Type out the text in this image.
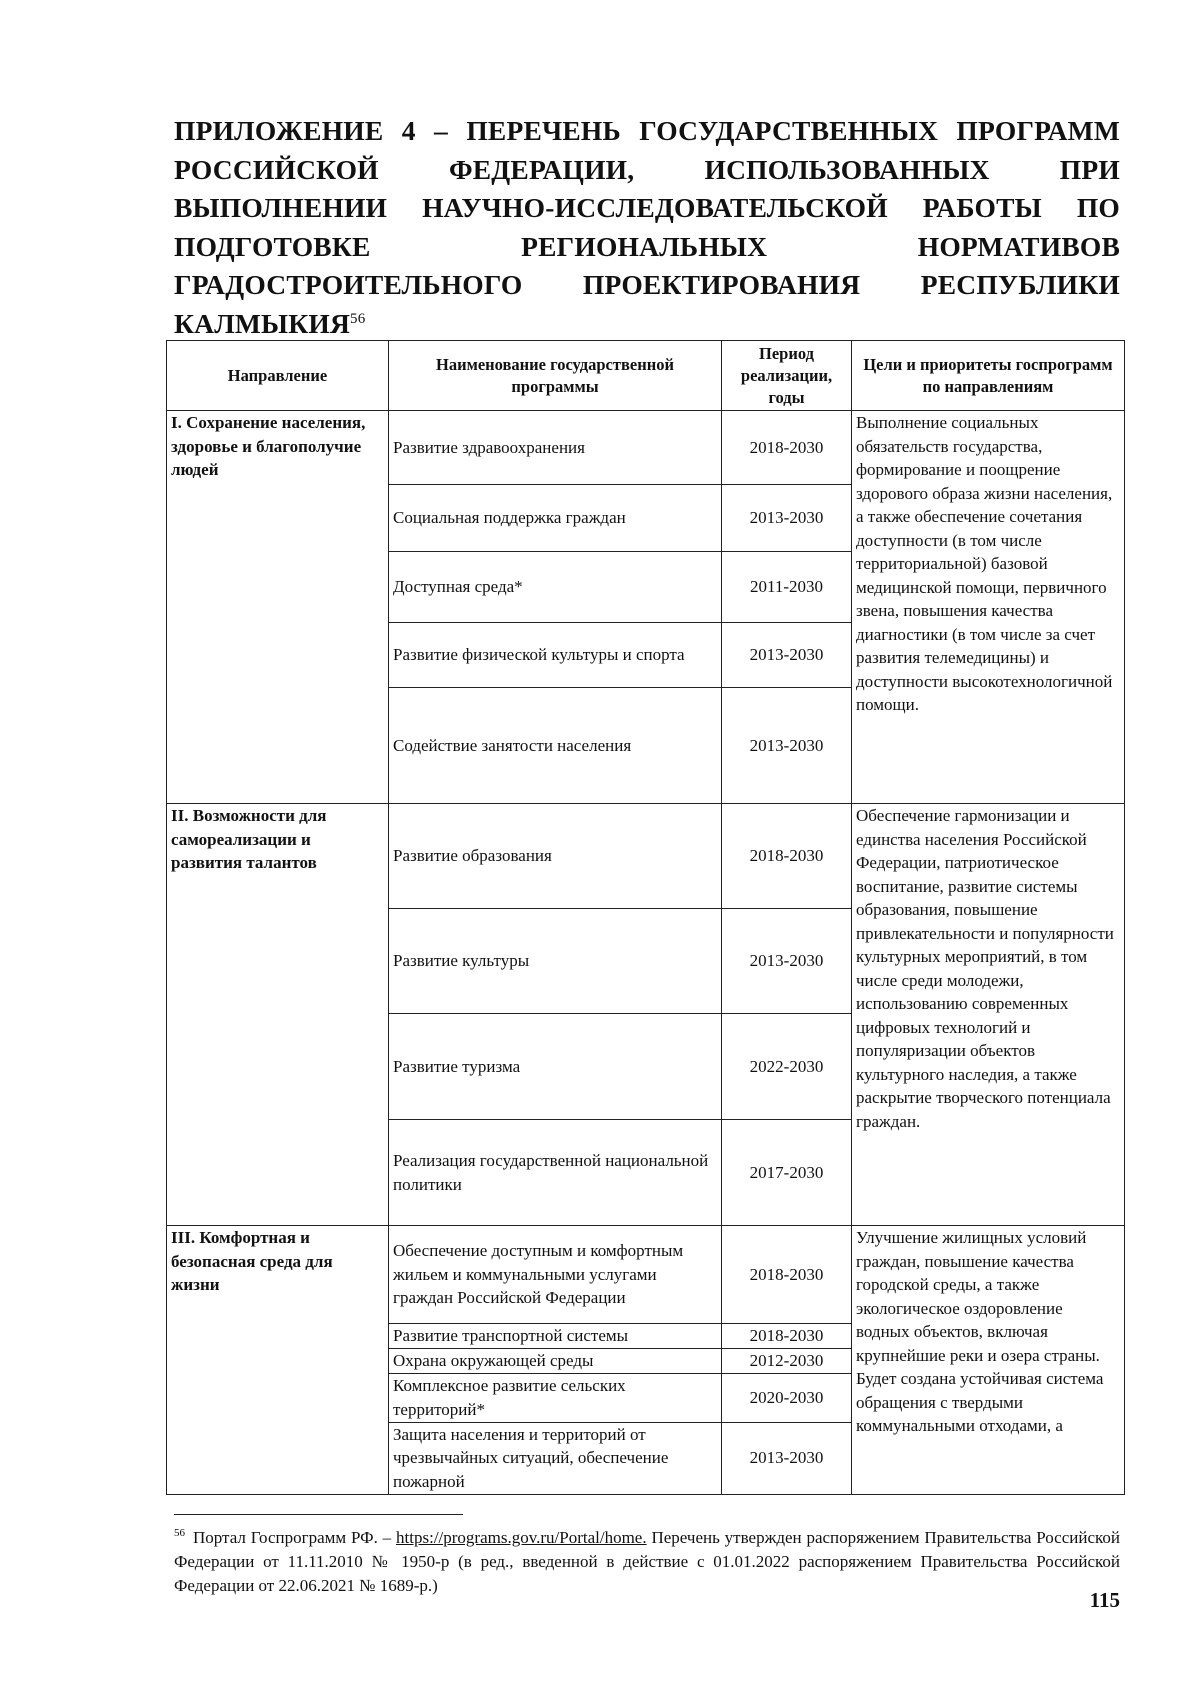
ПРИЛОЖЕНИЕ 4 – ПЕРЕЧЕНЬ ГОСУДАРСТВЕННЫХ ПРОГРАММ РОССИЙСКОЙ ФЕДЕРАЦИИ, ИСПОЛЬЗОВАННЫХ ПРИ ВЫПОЛНЕНИИ НАУЧНО-ИССЛЕДОВАТЕЛЬСКОЙ РАБОТЫ ПО ПОДГОТОВКЕ РЕГИОНАЛЬНЫХ НОРМАТИВОВ ГРАДОСТРОИТЕЛЬНОГО ПРОЕКТИРОВАНИЯ РЕСПУБЛИКИ КАЛМЫКИЯ$^{56}$
Направление	Наименование государственной программы	Период реализации, годы	Цели и приоритеты госпрограмм по направлениям
I. Сохранение населения, здоровье и благополучие людей	Развитие здравоохранения	2018-2030	Выполнение социальных обязательств государства, формирование и поощрение здорового образа жизни населения, а также обеспечение сочетания доступности (в том числе территориальной) базовой медицинской помощи, первичного звена, повышения качества диагностики (в том числе за счет развития телемедицины) и доступности высокотехнологичной помощи.
	Социальная поддержка граждан	2013-2030	
	Доступная среда*	2011-2030	
	Развитие физической культуры и спорта	2013-2030	
	Содействие занятости населения	2013-2030	
II. Возможности для самореализации и развития талантов	Развитие образования	2018-2030	Обеспечение гармонизации и единства населения Российской Федерации, патриотическое воспитание, развитие системы образования, повышение привлекательности и популярности культурных мероприятий, в том числе среди молодежи, использованию современных цифровых технологий и популяризации объектов культурного наследия, а также раскрытие творческого потенциала граждан.
	Развитие культуры	2013-2030	
	Развитие туризма	2022-2030	
	Реализация государственной национальной политики	2017-2030	
III. Комфортная и безопасная среда для жизни	Обеспечение доступным и комфортным жильем и коммунальными услугами граждан Российской Федерации	2018-2030	Улучшение жилищных условий граждан, повышение качества городской среды, а также экологическое оздоровление водных объектов, включая крупнейшие реки и озера страны. Будет создана устойчивая система обращения с твердыми коммунальными отходами, а
	Развитие транспортной системы	2018-2030	
	Охрана окружающей среды	2012-2030	
	Комплексное развитие сельских территорий*	2020-2030	
	Защита населения и территорий от чрезвычайных ситуаций, обеспечение пожарной	2013-2030	
$^{56}$ Портал Госпрограмм РФ. – https://programs.gov.ru/Portal/home. Перечень утвержден распоряжением Правительства Российской Федерации от 11.11.2010 № 1950-р (в ред., введенной в действие с 01.01.2022 распоряжением Правительства Российской Федерации от 22.06.2021 № 1689-р.)
115
